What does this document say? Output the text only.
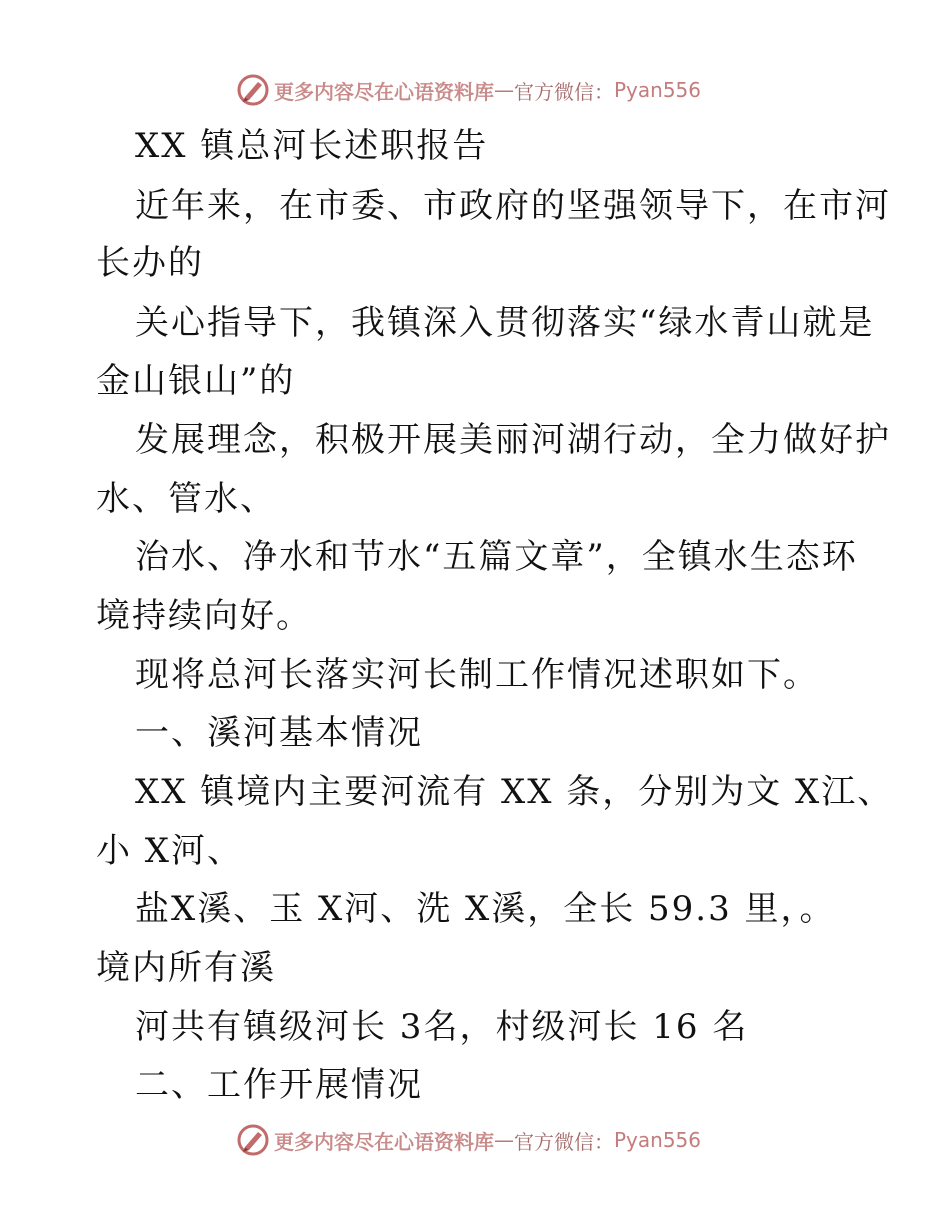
更多内容尽在心语资料库 — 官方微信： Pyan556
XX 镇总河长述职报告
近年来，在市委、市政府的坚强领导下，在市河
长办的
关心指导下，我镇深入贯彻落实“绿水青山就是
金山银山”的
发展理念，积极开展美丽河湖行动，全力做好护
水、管水、
治水、净水和节水“五篇文章”，全镇水生态环
境持续向好。
现将总河长落实河长制工作情况述职如下。
一、溪河基本情况
XX 镇境内主要河流有 XX 条，分别为文 X江、
小 X河、
盐X溪、玉 X河、洗 X溪，全长 59.3 里，。
境内所有溪
河共有镇级河长 3名，村级河长 16 名
二、工作开展情况
更多内容尽在心语资料库 — 官方微信： Pyan556
